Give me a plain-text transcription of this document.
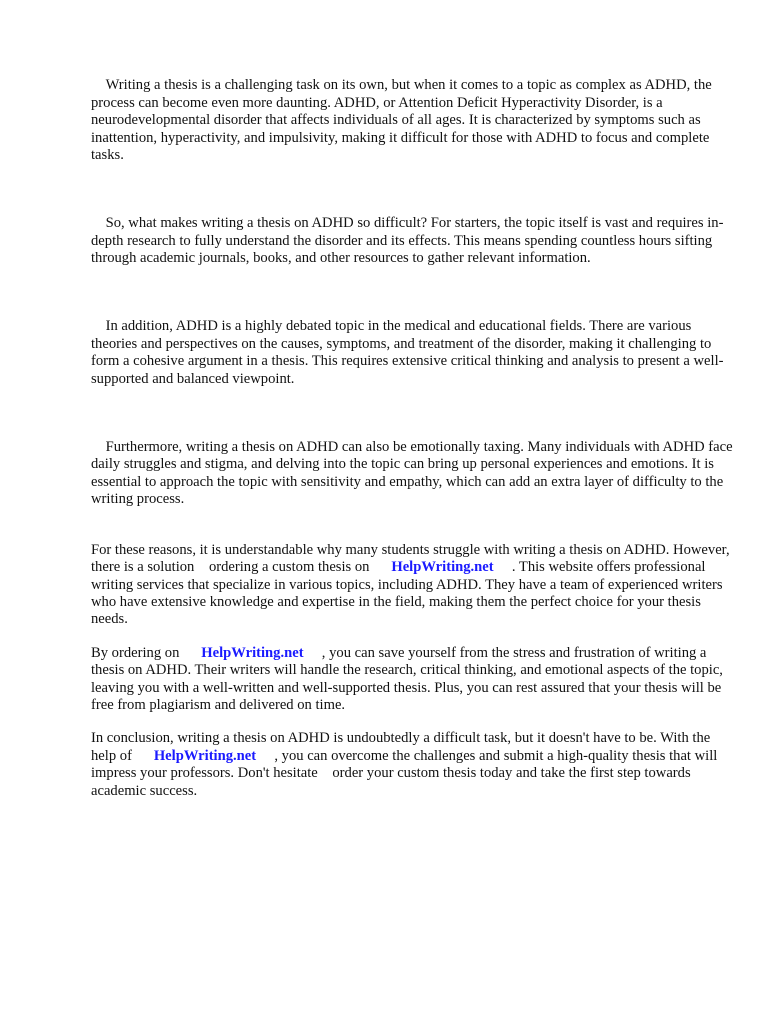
Writing a thesis is a challenging task on its own, but when it comes to a topic as complex as ADHD, the process can become even more daunting. ADHD, or Attention Deficit Hyperactivity Disorder, is a neurodevelopmental disorder that affects individuals of all ages. It is characterized by symptoms such as inattention, hyperactivity, and impulsivity, making it difficult for those with ADHD to focus and complete tasks.

So, what makes writing a thesis on ADHD so difficult? For starters, the topic itself is vast and requires in-depth research to fully understand the disorder and its effects. This means spending countless hours sifting through academic journals, books, and other resources to gather relevant information.

In addition, ADHD is a highly debated topic in the medical and educational fields. There are various theories and perspectives on the causes, symptoms, and treatment of the disorder, making it challenging to form a cohesive argument in a thesis. This requires extensive critical thinking and analysis to present a well-supported and balanced viewpoint.

Furthermore, writing a thesis on ADHD can also be emotionally taxing. Many individuals with ADHD face daily struggles and stigma, and delving into the topic can bring up personal experiences and emotions. It is essential to approach the topic with sensitivity and empathy, which can add an extra layer of difficulty to the writing process.

For these reasons, it is understandable why many students struggle with writing a thesis on ADHD. However, there is a solution    ordering a custom thesis on      HelpWriting.net     . This website offers professional writing services that specialize in various topics, including ADHD. They have a team of experienced writers who have extensive knowledge and expertise in the field, making them the perfect choice for your thesis needs.

By ordering on      HelpWriting.net     , you can save yourself from the stress and frustration of writing a thesis on ADHD. Their writers will handle the research, critical thinking, and emotional aspects of the topic, leaving you with a well-written and well-supported thesis. Plus, you can rest assured that your thesis will be free from plagiarism and delivered on time.

In conclusion, writing a thesis on ADHD is undoubtedly a difficult task, but it doesn't have to be. With the help of      HelpWriting.net     , you can overcome the challenges and submit a high-quality thesis that will impress your professors. Don't hesitate    order your custom thesis today and take the first step towards academic success.
